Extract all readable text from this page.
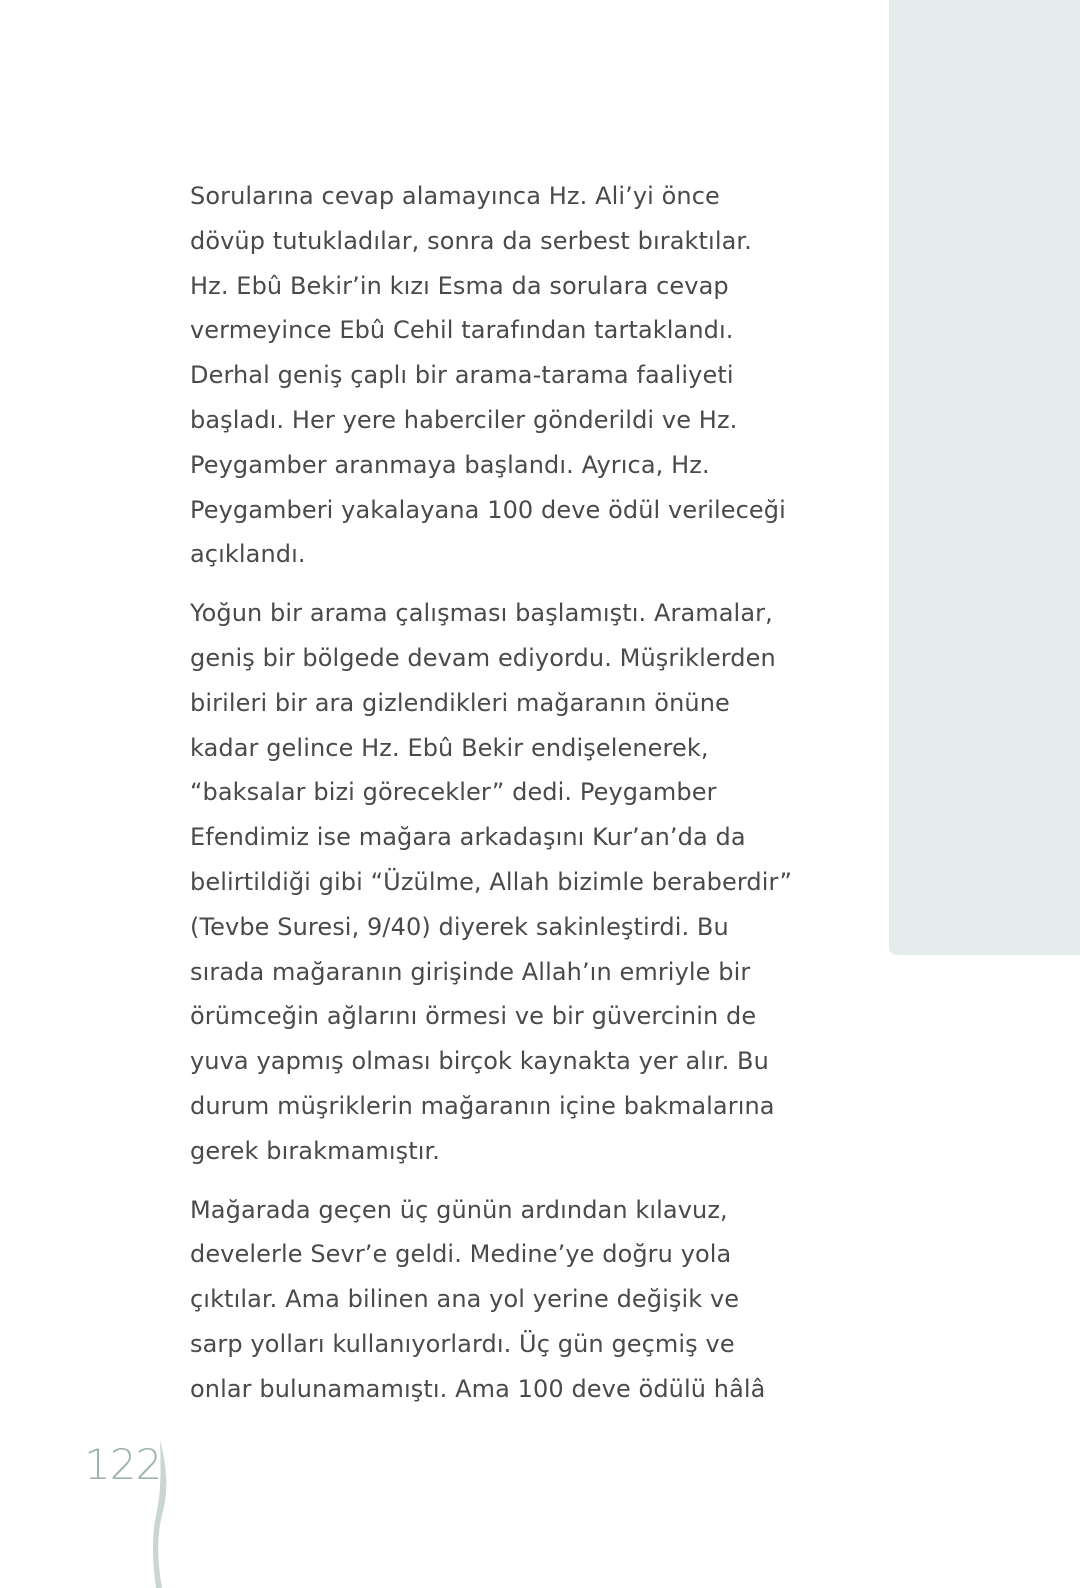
Sorularına cevap alamayınca Hz. Ali’yi önce
dövüp tutukladılar, sonra da serbest bıraktılar.
Hz. Ebû Bekir’in kızı Esma da sorulara cevap
vermeyince Ebû Cehil tarafından tartaklandı.
Derhal geniş çaplı bir arama-tarama faaliyeti
başladı. Her yere haberciler gönderildi ve Hz.
Peygamber aranmaya başlandı. Ayrıca, Hz.
Peygamberi yakalayana 100 deve ödül verileceği
açıklandı.

Yoğun bir arama çalışması başlamıştı. Aramalar,
geniş bir bölgede devam ediyordu. Müşriklerden
birileri bir ara gizlendikleri mağaranın önüne
kadar gelince Hz. Ebû Bekir endişelenerek,
“baksalar bizi görecekler” dedi. Peygamber
Efendimiz ise mağara arkadaşını Kur’an’da da
belirtildiği gibi “Üzülme, Allah bizimle beraberdir”
(Tevbe Suresi, 9/40) diyerek sakinleştirdi. Bu
sırada mağaranın girişinde Allah’ın emriyle bir
örümceğin ağlarını örmesi ve bir güvercinin de
yuva yapmış olması birçok kaynakta yer alır. Bu
durum müşriklerin mağaranın içine bakmalarına
gerek bırakmamıştır.

Mağarada geçen üç günün ardından kılavuz,
develerle Sevr’e geldi. Medine’ye doğru yola
çıktılar. Ama bilinen ana yol yerine değişik ve
sarp yolları kullanıyorlardı. Üç gün geçmiş ve
onlar bulunamamıştı. Ama 100 deve ödülü hâlâ

122
